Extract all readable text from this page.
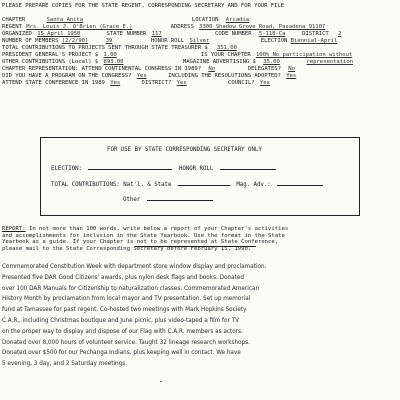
PLEASE PREPARE COPIES FOR THE STATE REGENT, CORRESPONDING SECRETARY AND FOR YOUR FILE
CHAPTER	Santa Anita	LOCATION Arcadia
REGENT Mrs. Louis J. O'Brien (Grace E.)	ADDRESS 3300 Shadow Grove Road, Pasadena 91107
ORGANIZED 15 April 1950	STATE NUMBER 117	CODE NUMBER 5-118-Ca	DISTRICT 2
NUMBER OF MEMBERS (2/2/90)	39	HONOR ROLL Silver	ELECTION Biennial-April
TOTAL CONTRIBUTIONS TO PROJECTS SENT THROUGH STATE TREASURER $ 351.00
PRESIDENT GENERAL'S PROJECT $ 1.00	IS YOUR CHAPTER 100% No participation without
OTHER CONTRIBUTIONS (Local) $ 893.00	MAGAZINE ADVERTISING $ 35.00	representation
CHAPTER REPRESENTATION: ATTEND CONTINENTAL CONGRESS IN 1989? No	DELEGATES? No
DID YOU HAVE A PROGRAM ON THE CONGRESS? Yes	INCLUDING THE RESOLUTIONS ADOPTED? Yes
ATTEND STATE CONFERENCE IN 1989 Yes	DISTRICT? Yes	COUNCIL? Yes
FOR USE BY STATE CORRESPONDING SECRETARY ONLY
ELECTION:	HONOR ROLL
TOTAL CONTRIBUTIONS: Nat'l. & State	Mag. Adv.:
Other
REPORT: In not more than 100 words, write below a report of your Chapter's activities
and accomplishments for inclusion in the State Yearbook. Use the format in the State
Yearbook as a guide. If your Chapter is not to be represented at State Conference,
please mail to the State Corresponding Secretary before February 15, 1990.

Commemorated Constitution Week with department store window display and proclamation.

Presented five DAR Good Citizens' awards, plus nylon desk flags and books. Donated

over 100 DAR Manuals for Citizenship to naturalization classes. Commemorated American

History Month by proclamation from local mayor and TV presentation. Set up memorial

fund at Tamassee for past regent. Co-hosted two meetings with Mark Hopkins Society

C.A.R., including Christmas boutique and June picnic, plus video-taped a film for TV

on the proper way to display and dispose of our Flag with C.A.R. members as actors.

Donated over 8,000 hours of volunteer service. Taught 32 lineage research workshops.

Donated over $500 for our Pechanga Indians, plus keeping well in contact. We have

5 evening, 3 day, and 2 Saturday meetings.
